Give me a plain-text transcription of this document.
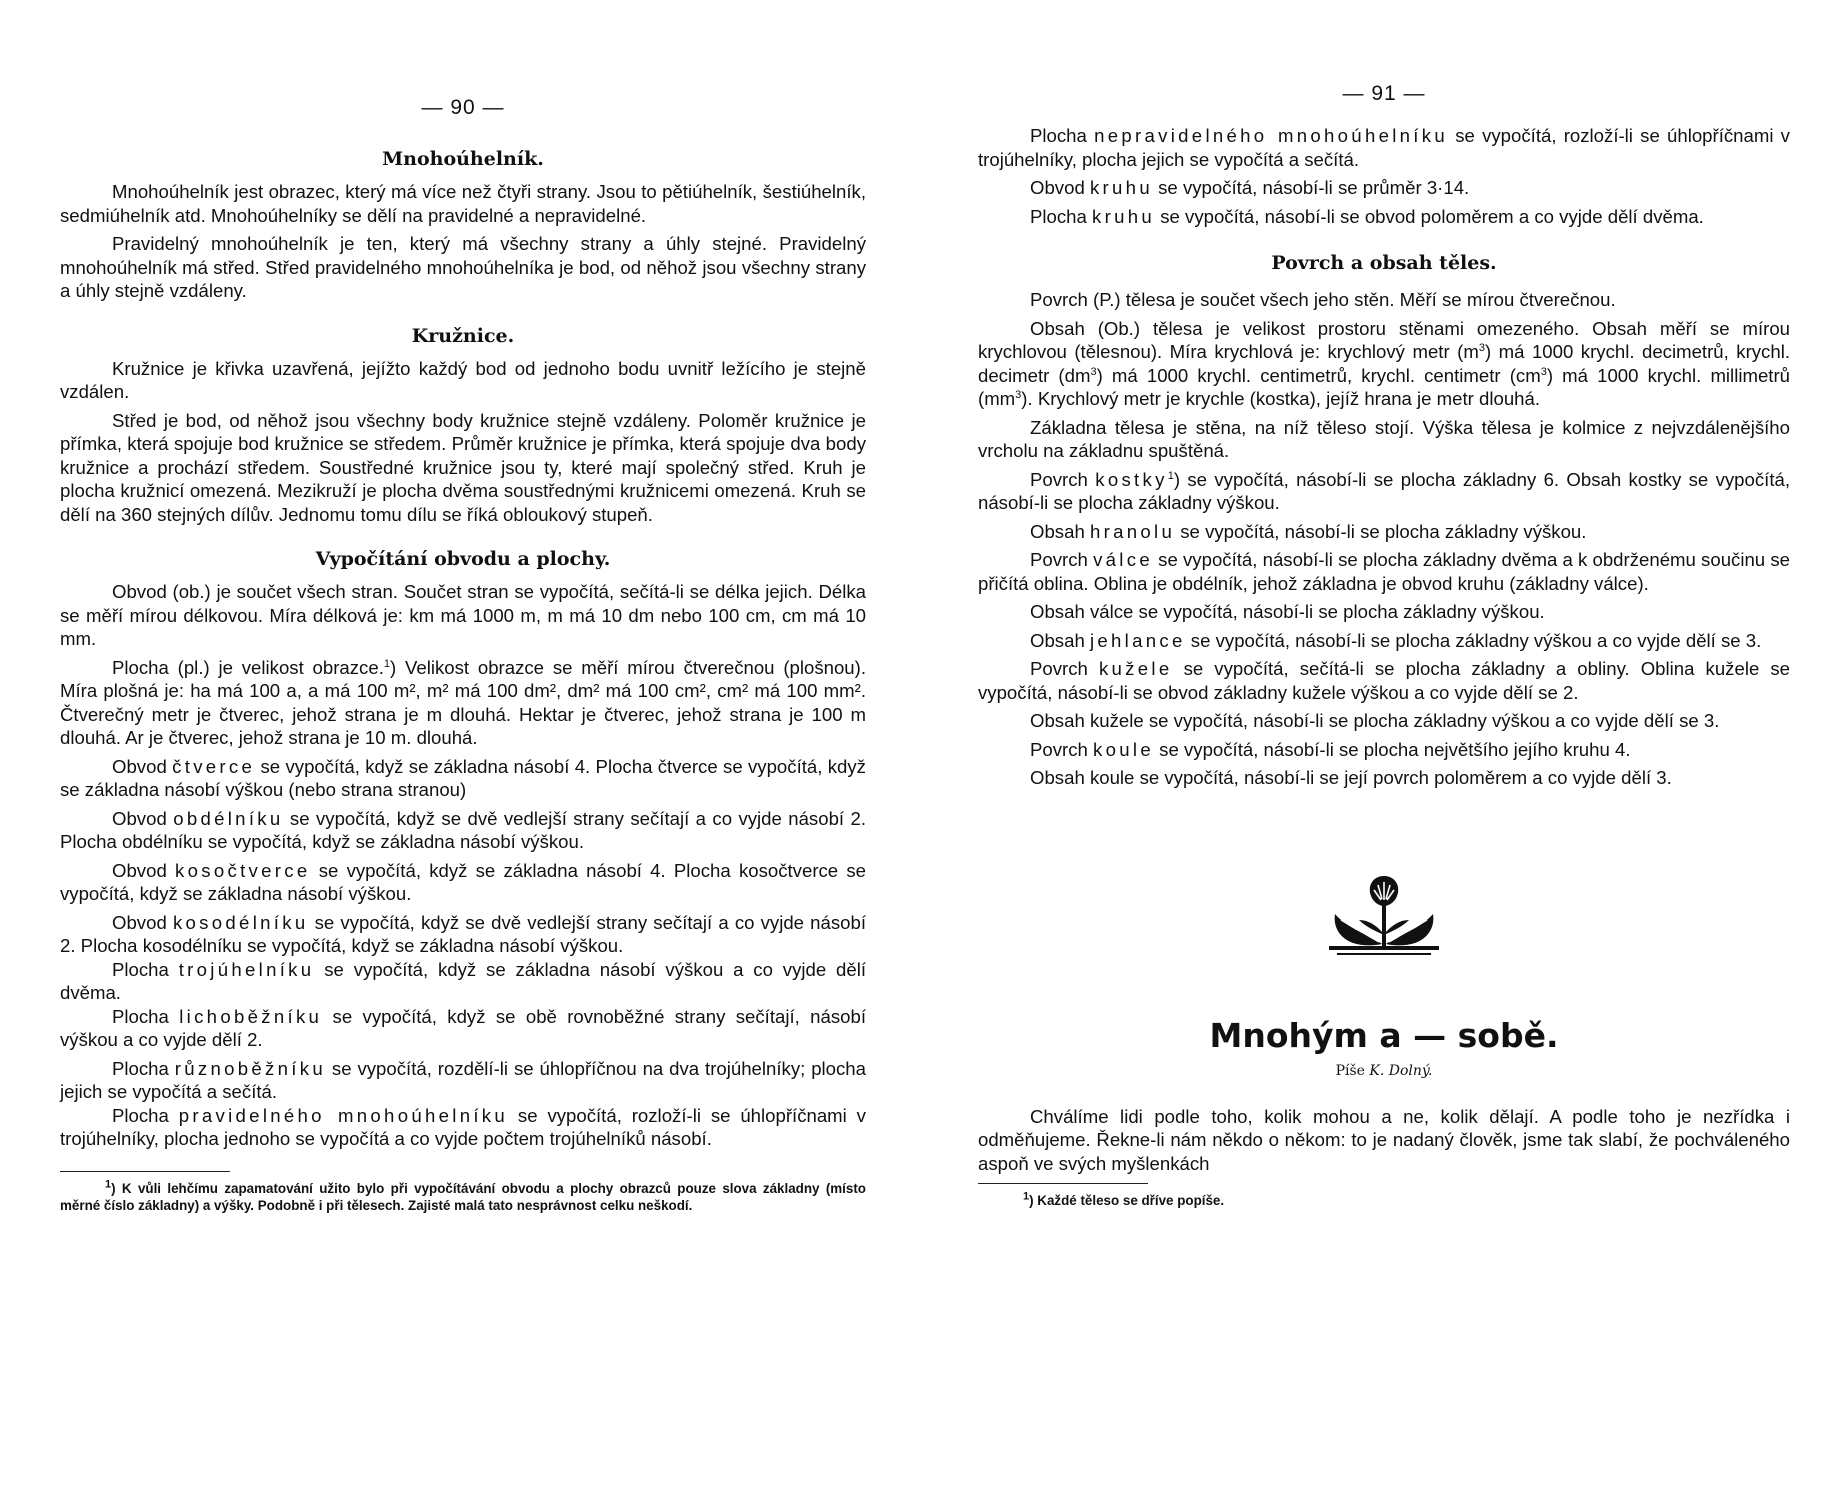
— 90 —
Mnohoúhelník.

Mnohoúhelník jest obrazec, který má více než čtyři strany. Jsou to pětiúhelník, šestiúhelník, sedmiúhelník atd. Mnohoúhelníky se dělí na pravidelné a nepravidelné.

Pravidelný mnohoúhelník je ten, který má všechny strany a úhly stejné. Pravidelný mnohoúhelník má střed. Střed pravidelného mnohoúhelníka je bod, od něhož jsou všechny strany a úhly stejně vzdáleny.

Kružnice.

Kružnice je křivka uzavřená, jejížto každý bod od jednoho bodu uvnitř ležícího je stejně vzdálen.

Střed je bod, od něhož jsou všechny body kružnice stejně vzdáleny. Poloměr kružnice je přímka, která spojuje bod kružnice se středem. Průměr kružnice je přímka, která spojuje dva body kružnice a prochází středem. Soustředné kružnice jsou ty, které mají společný střed. Kruh je plocha kružnicí omezená. Mezikruží je plocha dvěma soustřednými kružnicemi omezená. Kruh se dělí na 360 stejných dílův. Jednomu tomu dílu se říká obloukový stupeň.

Vypočítání obvodu a plochy.

Obvod (ob.) je součet všech stran. Součet stran se vypočítá, sečítá-li se délka jejich. Délka se měří mírou délkovou. Míra délková je: km má 1000 m, m má 10 dm nebo 100 cm, cm má 10 mm.

Plocha (pl.) je velikost obrazce.$^1$) Velikost obrazce se měří mírou čtverečnou (plošnou). Míra plošná je: ha má 100 a, a má 100 m², m² má 100 dm², dm² má 100 cm², cm² má 100 mm². Čtverečný metr je čtverec, jehož strana je m dlouhá. Hektar je čtverec, jehož strana je 100 m dlouhá. Ar je čtverec, jehož strana je 10 m. dlouhá.

Obvod čtverce se vypočítá, když se základna násobí 4. Plocha čtverce se vypočítá, když se základna násobí výškou (nebo strana stranou)

Obvod obdélníku se vypočítá, když se dvě vedlejší strany sečítají a co vyjde násobí 2. Plocha obdélníku se vypočítá, když se základna násobí výškou.

Obvod kosočtverce se vypočítá, když se základna násobí 4. Plocha kosočtverce se vypočítá, když se základna násobí výškou.

Obvod kosodélníku se vypočítá, když se dvě vedlejší strany sečítají a co vyjde násobí 2. Plocha kosodélníku se vypočítá, když se základna násobí výškou.

Plocha trojúhelníku se vypočítá, když se základna násobí výškou a co vyjde dělí dvěma.

Plocha lichoběžníku se vypočítá, když se obě rovnoběžné strany sečítají, násobí výškou a co vyjde dělí 2.

Plocha různoběžníku se vypočítá, rozdělí-li se úhlopříčnou na dva trojúhelníky; plocha jejich se vypočítá a sečítá.

Plocha pravidelného mnohoúhelníku se vypočítá, rozloží-li se úhlopříčnami v trojúhelníky, plocha jednoho se vypočítá a co vyjde počtem trojúhelníků násobí.

$^1$) K vůli lehčímu zapamatování užito bylo při vypočítávání obvodu a plochy obrazců pouze slova základny (místo měrné číslo základny) a výšky. Podobně i při tělesech. Zajisté malá tato nesprávnost celku neškodí.

— 91 —

Plocha nepravidelného mnohoúhelníku se vypočítá, rozloží-li se úhlopříčnami v trojúhelníky, plocha jejich se vypočítá a sečítá.

Obvod kruhu se vypočítá, násobí-li se průměr 3·14.

Plocha kruhu se vypočítá, násobí-li se obvod poloměrem a co vyjde dělí dvěma.

Povrch a obsah těles.

Povrch (P.) tělesa je součet všech jeho stěn. Měří se mírou čtverečnou.

Obsah (Ob.) tělesa je velikost prostoru stěnami omezeného. Obsah měří se mírou krychlovou (tělesnou). Míra krychlová je: krychlový metr $(m^3)$ má 1000 krychl. decimetrů, krychl. decimetr $(dm^3)$ má 1000 krychl. centimetrů, krychl. centimetr $(cm^3)$ má 1000 krychl. millimetrů $(mm^3)$. Krychlový metr je krychle (kostka), jejíž hrana je metr dlouhá.

Základna tělesa je stěna, na níž těleso stojí. Výška tělesa je kolmice z nejvzdálenějšího vrcholu na základnu spuštěná.

Povrch kostky$^1$) se vypočítá, násobí-li se plocha základny 6. Obsah kostky se vypočítá, násobí-li se plocha základny výškou.

Obsah hranolu se vypočítá, násobí-li se plocha základny výškou.

Povrch válce se vypočítá, násobí-li se plocha základny dvěma a k obdrženému součinu se přičítá oblina. Oblina je obdélník, jehož základna je obvod kruhu (základny válce).

Obsah válce se vypočítá, násobí-li se plocha základny výškou.

Obsah jehlance se vypočítá, násobí-li se plocha základny výškou a co vyjde dělí se 3.

Povrch kužele se vypočítá, sečítá-li se plocha základny a obliny. Oblina kužele se vypočítá, násobí-li se obvod základny kužele výškou a co vyjde dělí se 2.

Obsah kužele se vypočítá, násobí-li se plocha základny výškou a co vyjde dělí se 3.

Povrch koule se vypočítá, násobí-li se plocha největšího jejího kruhu 4.

Obsah koule se vypočítá, násobí-li se její povrch poloměrem a co vyjde dělí 3.

Mnohým a — sobě.
Píše K. Dolný.

Chválíme lidi podle toho, kolik mohou a ne, kolik dělají. A podle toho je nezřídka i odměňujeme. Řekne-li nám někdo o někom: to je nadaný člověk, jsme tak slabí, že pochváleného aspoň ve svých myšlenkách

$^1$) Každé těleso se dříve popíše.
